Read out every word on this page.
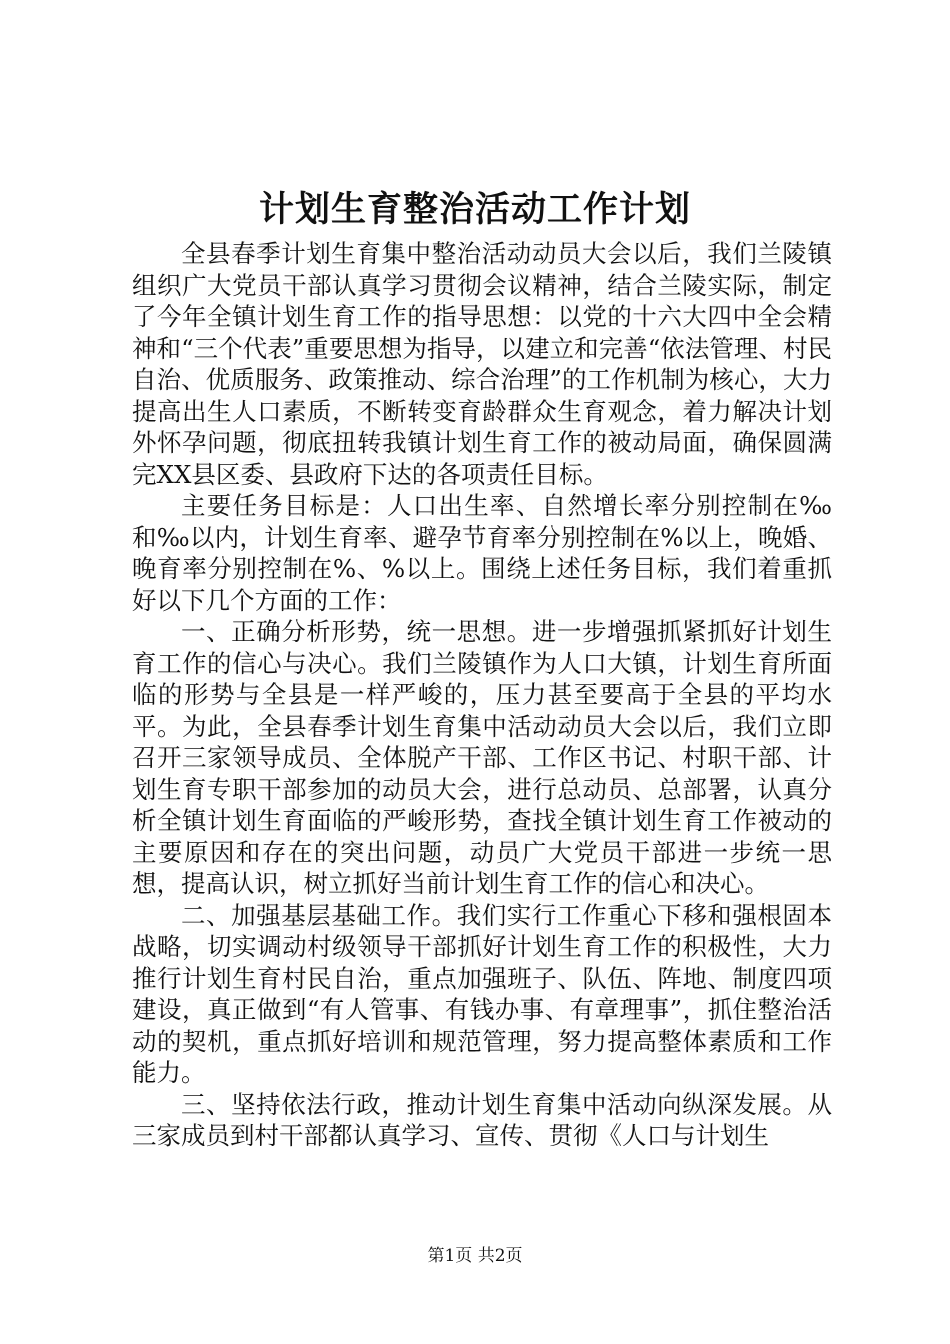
计划生育整治活动工作计划

全县春季计划生育集中整治活动动员大会以后，我们兰陵镇组织广大党员干部认真学习贯彻会议精神，结合兰陵实际，制定了今年全镇计划生育工作的指导思想：以党的十六大四中全会精神和“三个代表”重要思想为指导，以建立和完善“依法管理、村民自治、优质服务、政策推动、综合治理”的工作机制为核心，大力提高出生人口素质，不断转变育龄群众生育观念，着力解决计划外怀孕问题，彻底扭转我镇计划生育工作的被动局面，确保圆满完XX县区委、县政府下达的各项责任目标。

主要任务目标是：人口出生率、自然增长率分别控制在‰和‰以内，计划生育率、避孕节育率分别控制在%以上，晚婚、晚育率分别控制在%、%以上。围绕上述任务目标，我们着重抓好以下几个方面的工作：

一、正确分析形势，统一思想。进一步增强抓紧抓好计划生育工作的信心与决心。我们兰陵镇作为人口大镇，计划生育所面临的形势与全县是一样严峻的，压力甚至要高于全县的平均水平。为此，全县春季计划生育集中活动动员大会以后，我们立即召开三家领导成员、全体脱产干部、工作区书记、村职干部、计划生育专职干部参加的动员大会，进行总动员、总部署，认真分析全镇计划生育面临的严峻形势，查找全镇计划生育工作被动的主要原因和存在的突出问题，动员广大党员干部进一步统一思想，提高认识，树立抓好当前计划生育工作的信心和决心。

二、加强基层基础工作。我们实行工作重心下移和强根固本战略，切实调动村级领导干部抓好计划生育工作的积极性，大力推行计划生育村民自治，重点加强班子、队伍、阵地、制度四项建设，真正做到“有人管事、有钱办事、有章理事”，抓住整治活动的契机，重点抓好培训和规范管理，努力提高整体素质和工作能力。

三、坚持依法行政，推动计划生育集中活动向纵深发展。从三家成员到村干部都认真学习、宣传、贯彻《人口与计划生

第1页 共2页
